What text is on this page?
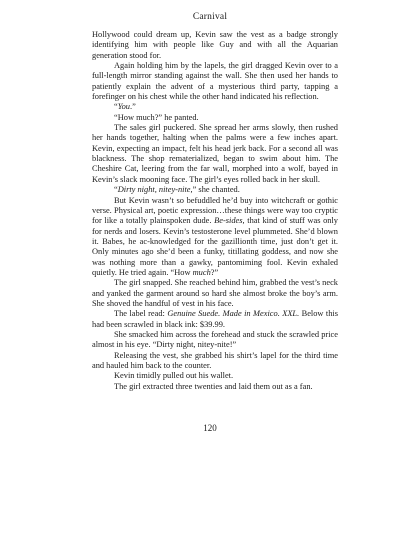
Carnival

Hollywood could dream up, Kevin saw the vest as a badge strongly identifying him with people like Guy and with all the Aquarian generation stood for.

Again holding him by the lapels, the girl dragged Kevin over to a full-length mirror standing against the wall. She then used her hands to patiently explain the advent of a mysterious third party, tapping a forefinger on his chest while the other hand indicated his reflection.

“You.”

“How much?” he panted.

The sales girl puckered. She spread her arms slowly, then rushed her hands together, halting when the palms were a few inches apart. Kevin, expecting an impact, felt his head jerk back. For a second all was blackness. The shop rematerialized, began to swim about him. The Cheshire Cat, leering from the far wall, morphed into a wolf, bayed in Kevin’s slack mooning face. The girl’s eyes rolled back in her skull.

“Dirty night, nitey-nite,” she chanted.

But Kevin wasn’t so befuddled he’d buy into witchcraft or gothic verse. Physical art, poetic expression…these things were way too cryptic for like a totally plainspoken dude. Be-sides, that kind of stuff was only for nerds and losers. Kevin’s testosterone level plummeted. She’d blown it. Babes, he ac-knowledged for the gazillionth time, just don’t get it. Only minutes ago she’d been a funky, titillating goddess, and now she was nothing more than a gawky, pantomiming fool. Kevin exhaled quietly. He tried again. “How much?”

The girl snapped. She reached behind him, grabbed the vest’s neck and yanked the garment around so hard she almost broke the boy’s arm. She shoved the handful of vest in his face.

The label read: Genuine Suede. Made in Mexico. XXL. Below this had been scrawled in black ink: $39.99.

She smacked him across the forehead and stuck the scrawled price almost in his eye. “Dirty night, nitey-nite!”

Releasing the vest, she grabbed his shirt’s lapel for the third time and hauled him back to the counter.

Kevin timidly pulled out his wallet.

The girl extracted three twenties and laid them out as a fan.

120
